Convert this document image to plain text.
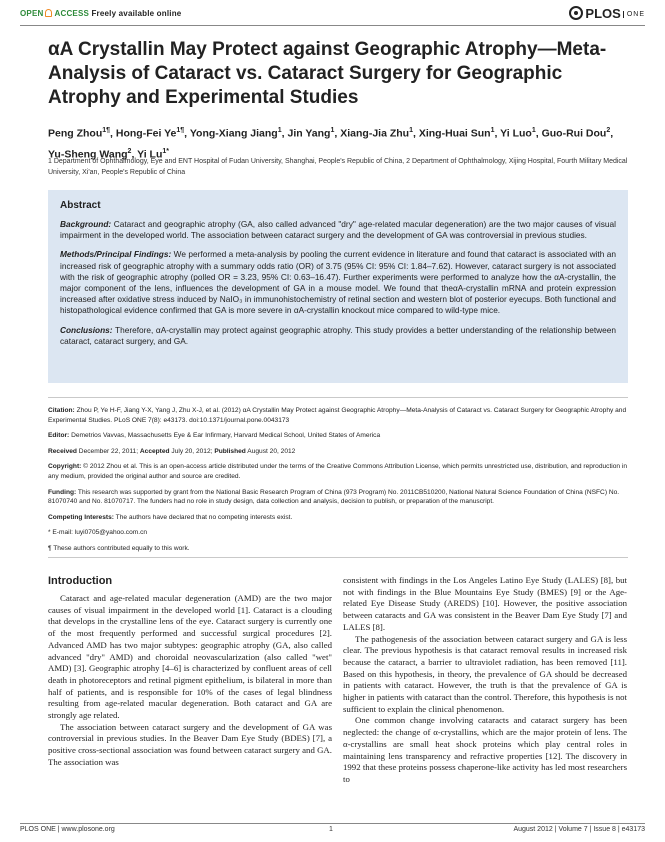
OPEN ACCESS Freely available online	PLOS ONE
αA Crystallin May Protect against Geographic Atrophy—Meta-Analysis of Cataract vs. Cataract Surgery for Geographic Atrophy and Experimental Studies
Peng Zhou$^{1\P}$, Hong-Fei $Ye^{1\P}$, Yong-Xiang Jiang$^1$, Jin Yang$^1$, Xiang-Jia Zhu$^1$, Xing-Huai Sun$^1$, Yi Luo$^1$, Guo-Rui Dou$^2$, Yu-Sheng Wang$^2$, Yi $Lu^{1*}$
1 Department of Ophthalmology, Eye and ENT Hospital of Fudan University, Shanghai, People's Republic of China, 2 Department of Ophthalmology, Xijing Hospital, Fourth Military Medical University, Xi'an, People's Republic of China
Abstract

Background: Cataract and geographic atrophy (GA, also called advanced "dry" age-related macular degeneration) are the two major causes of visual impairment in the developed world. The association between cataract surgery and the development of GA was controversial in previous studies.

Methods/Principal Findings: We performed a meta-analysis by pooling the current evidence in literature and found that cataract is associated with an increased risk of geographic atrophy with a summary odds ratio (OR) of 3.75 (95% CI: 95% CI: 1.84–7.62). However, cataract surgery is not associated with the risk of geographic atrophy (polled OR = 3.23, 95% CI: 0.63–16.47). Further experiments were performed to analyze how the αA-crystallin, the major component of the lens, influences the development of GA in a mouse model. We found that theαA-crystallin mRNA and protein expression increased after oxidative stress induced by NaIO₃ in immunohistochemistry of retinal section and western blot of posterior eyecups. Both functional and histopathological evidence confirmed that GA is more severe in αA-crystallin knockout mice compared to wild-type mice.

Conclusions: Therefore, αA-crystallin may protect against geographic atrophy. This study provides a better understanding of the relationship between cataract, cataract surgery, and GA.

Citation: Zhou P, Ye H-F, Jiang Y-X, Yang J, Zhu X-J, et al. (2012) αA Crystallin May Protect against Geographic Atrophy—Meta-Analysis of Cataract vs. Cataract Surgery for Geographic Atrophy and Experimental Studies. PLoS ONE 7(8): e43173. doi:10.1371/journal.pone.0043173

Editor: Demetrios Vavvas, Massachusetts Eye & Ear Infirmary, Harvard Medical School, United States of America

Received December 22, 2011; Accepted July 20, 2012; Published August 20, 2012

Copyright: © 2012 Zhou et al. This is an open-access article distributed under the terms of the Creative Commons Attribution License, which permits unrestricted use, distribution, and reproduction in any medium, provided the original author and source are credited.

Funding: This research was supported by grant from the National Basic Research Program of China (973 Program) No. 2011CB510200, National Natural Science Foundation of China (NSFC) No. 81070740 and No. 81070717. The funders had no role in study design, data collection and analysis, decision to publish, or preparation of the manuscript.

Competing Interests: The authors have declared that no competing interests exist.

* E-mail: luyi0705@yahoo.com.cn

¶ These authors contributed equally to this work.

Introduction

Cataract and age-related macular degeneration (AMD) are the two major causes of visual impairment in the developed world [1]. Cataract is a clouding that develops in the crystalline lens of the eye. Cataract surgery is currently one of the most frequently performed and successful surgical procedures [2]. Advanced AMD has two major subtypes: geographic atrophy (GA, also called advanced "dry" AMD) and choroidal neovascularization (also called "wet" AMD) [3]. Geographic atrophy [4–6] is characterized by confluent areas of cell death in photoreceptors and retinal pigment epithelium, is bilateral in more than half of patients, and is responsible for 10% of the cases of legal blindness resulting from age-related macular degeneration. Both cataract and GA are strongly age related.

The association between cataract surgery and the development of GA was controversial in previous studies. In the Beaver Dam Eye Study (BDES) [7], a positive cross-sectional association was found between cataract surgery and GA. The association was

consistent with findings in the Los Angeles Latino Eye Study (LALES) [8], but not with findings in the Blue Mountains Eye Study (BMES) [9] or the Age-related Eye Disease Study (AREDS) [10]. However, the positive association between cataracts and GA was consistent in the Beaver Dam Eye Study [7] and LALES [8].

The pathogenesis of the association between cataract surgery and GA is less clear. The previous hypothesis is that cataract removal results in increased risk because the cataract, a barrier to ultraviolet radiation, has been removed [11]. Based on this hypothesis, in theory, the prevalence of GA should be decreased in patients with cataract. However, the truth is that the prevalence of GA is higher in patients with cataract than the control. Therefore, this hypothesis is not sufficient to explain the clinical phenomenon.

One common change involving cataracts and cataract surgery has been neglected: the change of α-crystallins, which are the major protein of lens. The α-crystallins are small heat shock proteins which play central roles in maintaining lens transparency and refractive properties [12]. The discovery in 1992 that these proteins possess chaperone-like activity has led most researchers to

PLOS ONE | www.plosone.org	1	August 2012 | Volume 7 | Issue 8 | e43173
